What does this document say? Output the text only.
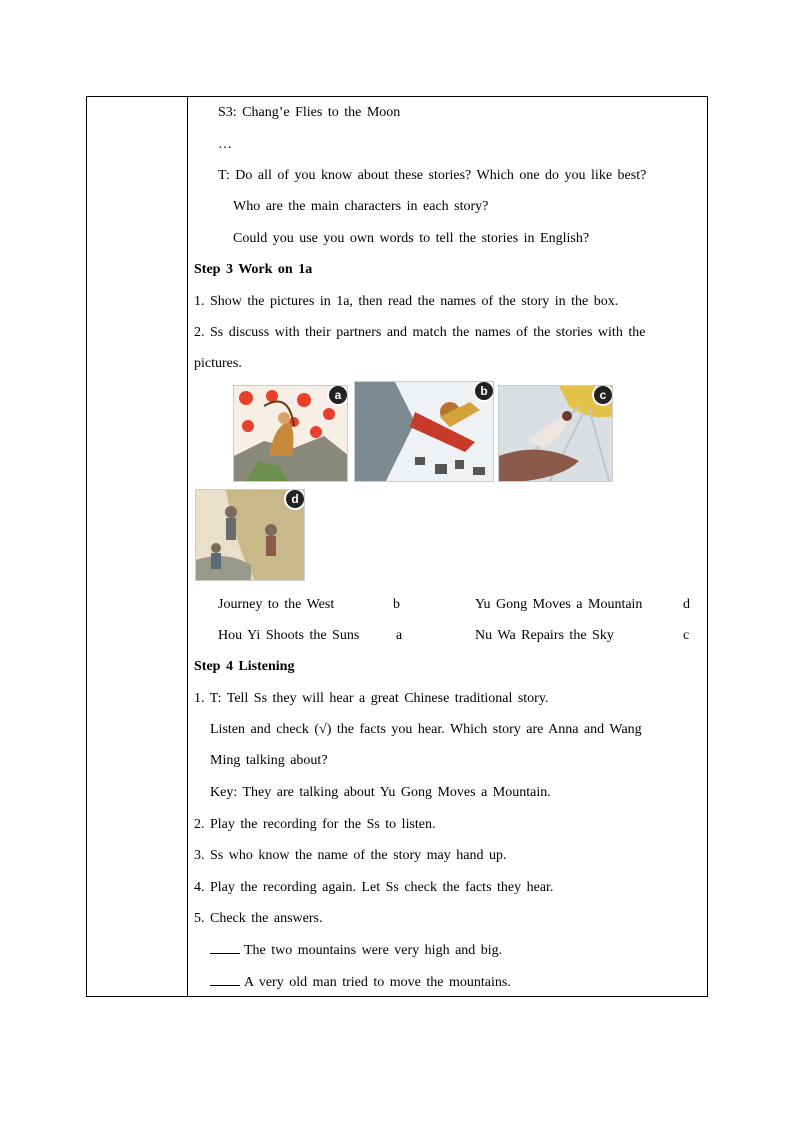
S3: Chang’e Flies to the Moon
…
T: Do all of you know about these stories? Which one do you like best?
Who are the main characters in each story?
Could you use you own words to tell the stories in English?
Step 3 Work on 1a
1. Show the pictures in 1a, then read the names of the story in the box.
2. Ss discuss with their partners and match the names of the stories with the
pictures.
a	b	c
d
Journey to the West	b	Yu Gong Moves a Mountain	d
Hou Yi Shoots the Suns	a	Nu Wa Repairs the Sky	c
Step 4 Listening
1. T: Tell Ss they will hear a great Chinese traditional story.
Listen and check (√) the facts you hear. Which story are Anna and Wang
Ming talking about?
Key: They are talking about Yu Gong Moves a Mountain.
2. Play the recording for the Ss to listen.
3. Ss who know the name of the story may hand up.
4. Play the recording again. Let Ss check the facts they hear.
5. Check the answers.
The two mountains were very high and big.
A very old man tried to move the mountains.
